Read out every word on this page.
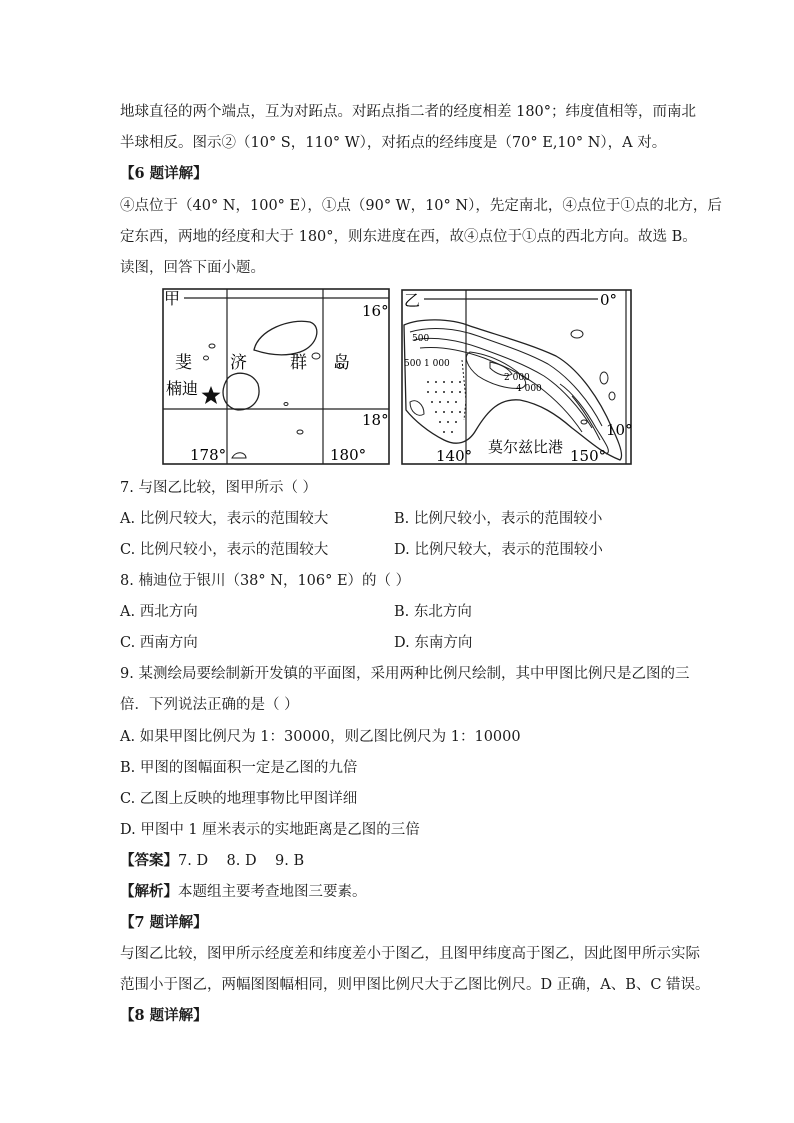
地球直径的两个端点，互为对跖点。对跖点指二者的经度相差 180°；纬度值相等，而南北
半球相反。图示②（10° S，110° W），对拓点的经纬度是（70° E,10° N），A 对。
【6 题详解】
④点位于（40° N，100° E），①点（90° W，10° N），先定南北，④点位于①点的北方，后
定东西，两地的经度和大于 180°，则东进度在西，故④点位于①点的西北方向。故选 B。
读图，回答下面小题。
甲
16°
18°
178°	180°
斐 济	群 岛
楠迪
乙	0°
10°
140°	150°
500
500 1 000
2 000
4 000
莫尔兹比港
7. 与图乙比较，图甲所示（ ）
A. 比例尺较大，表示的范围较大	B. 比例尺较小，表示的范围较小
C. 比例尺较小，表示的范围较大	D. 比例尺较大，表示的范围较小
8. 楠迪位于银川（38° N，106° E）的（ ）
A. 西北方向	B. 东北方向
C. 西南方向	D. 东南方向
9. 某测绘局要绘制新开发镇的平面图，采用两种比例尺绘制，其中甲图比例尺是乙图的三
倍．下列说法正确的是（ ）
A. 如果甲图比例尺为 1：30000，则乙图比例尺为 1：10000
B. 甲图的图幅面积一定是乙图的九倍
C. 乙图上反映的地理事物比甲图详细
D. 甲图中 1 厘米表示的实地距离是乙图的三倍
【答案】7. D    8. D    9. B
【解析】本题组主要考查地图三要素。
【7 题详解】
与图乙比较，图甲所示经度差和纬度差小于图乙，且图甲纬度高于图乙，因此图甲所示实际
范围小于图乙，两幅图图幅相同，则甲图比例尺大于乙图比例尺。D 正确，A、B、C 错误。
【8 题详解】
